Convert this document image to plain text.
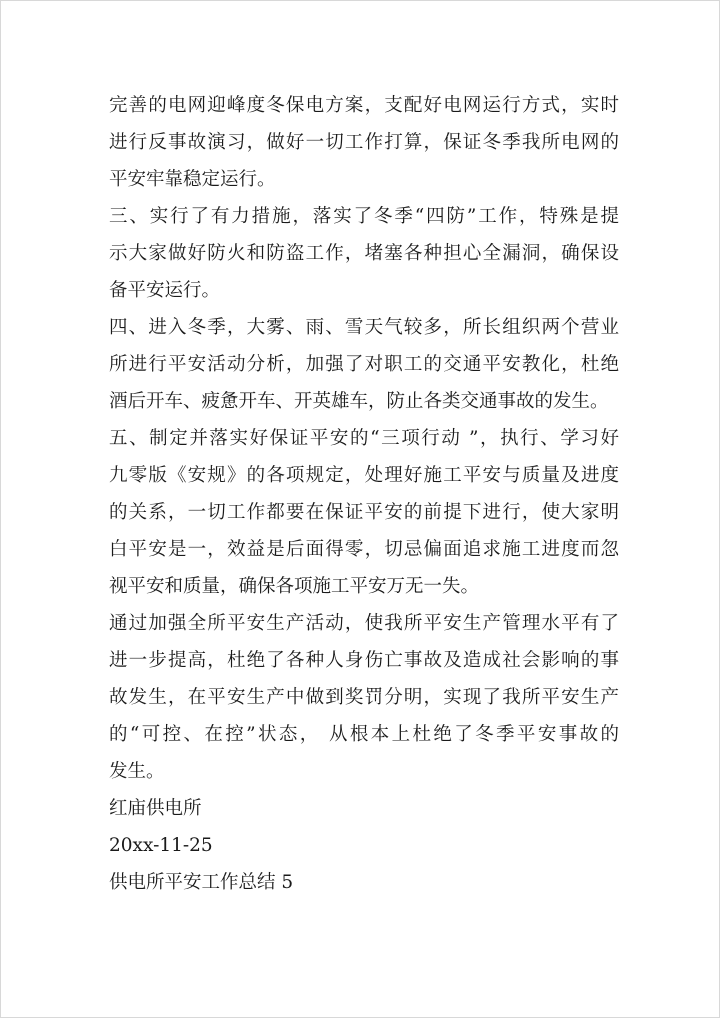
完善的电网迎峰度冬保电方案，支配好电网运行方式，实时
进行反事故演习，做好一切工作打算，保证冬季我所电网的
平安牢靠稳定运行。
三、实行了有力措施，落实了冬季“四防”工作，特殊是提
示大家做好防火和防盗工作，堵塞各种担心全漏洞，确保设
备平安运行。
四、进入冬季，大雾、雨、雪天气较多，所长组织两个营业
所进行平安活动分析，加强了对职工的交通平安教化，杜绝
酒后开车、疲惫开车、开英雄车，防止各类交通事故的发生。
五、制定并落实好保证平安的“三项行动 ”，执行、学习好
九零版《安规》的各项规定，处理好施工平安与质量及进度
的关系，一切工作都要在保证平安的前提下进行，使大家明
白平安是一，效益是后面得零，切忌偏面追求施工进度而忽
视平安和质量，确保各项施工平安万无一失。
通过加强全所平安生产活动，使我所平安生产管理水平有了
进一步提高，杜绝了各种人身伤亡事故及造成社会影响的事
故发生，在平安生产中做到奖罚分明，实现了我所平安生产
的“可控、在控”状态， 从根本上杜绝了冬季平安事故的
发生。
红庙供电所
20xx-11-25
供电所平安工作总结 5
